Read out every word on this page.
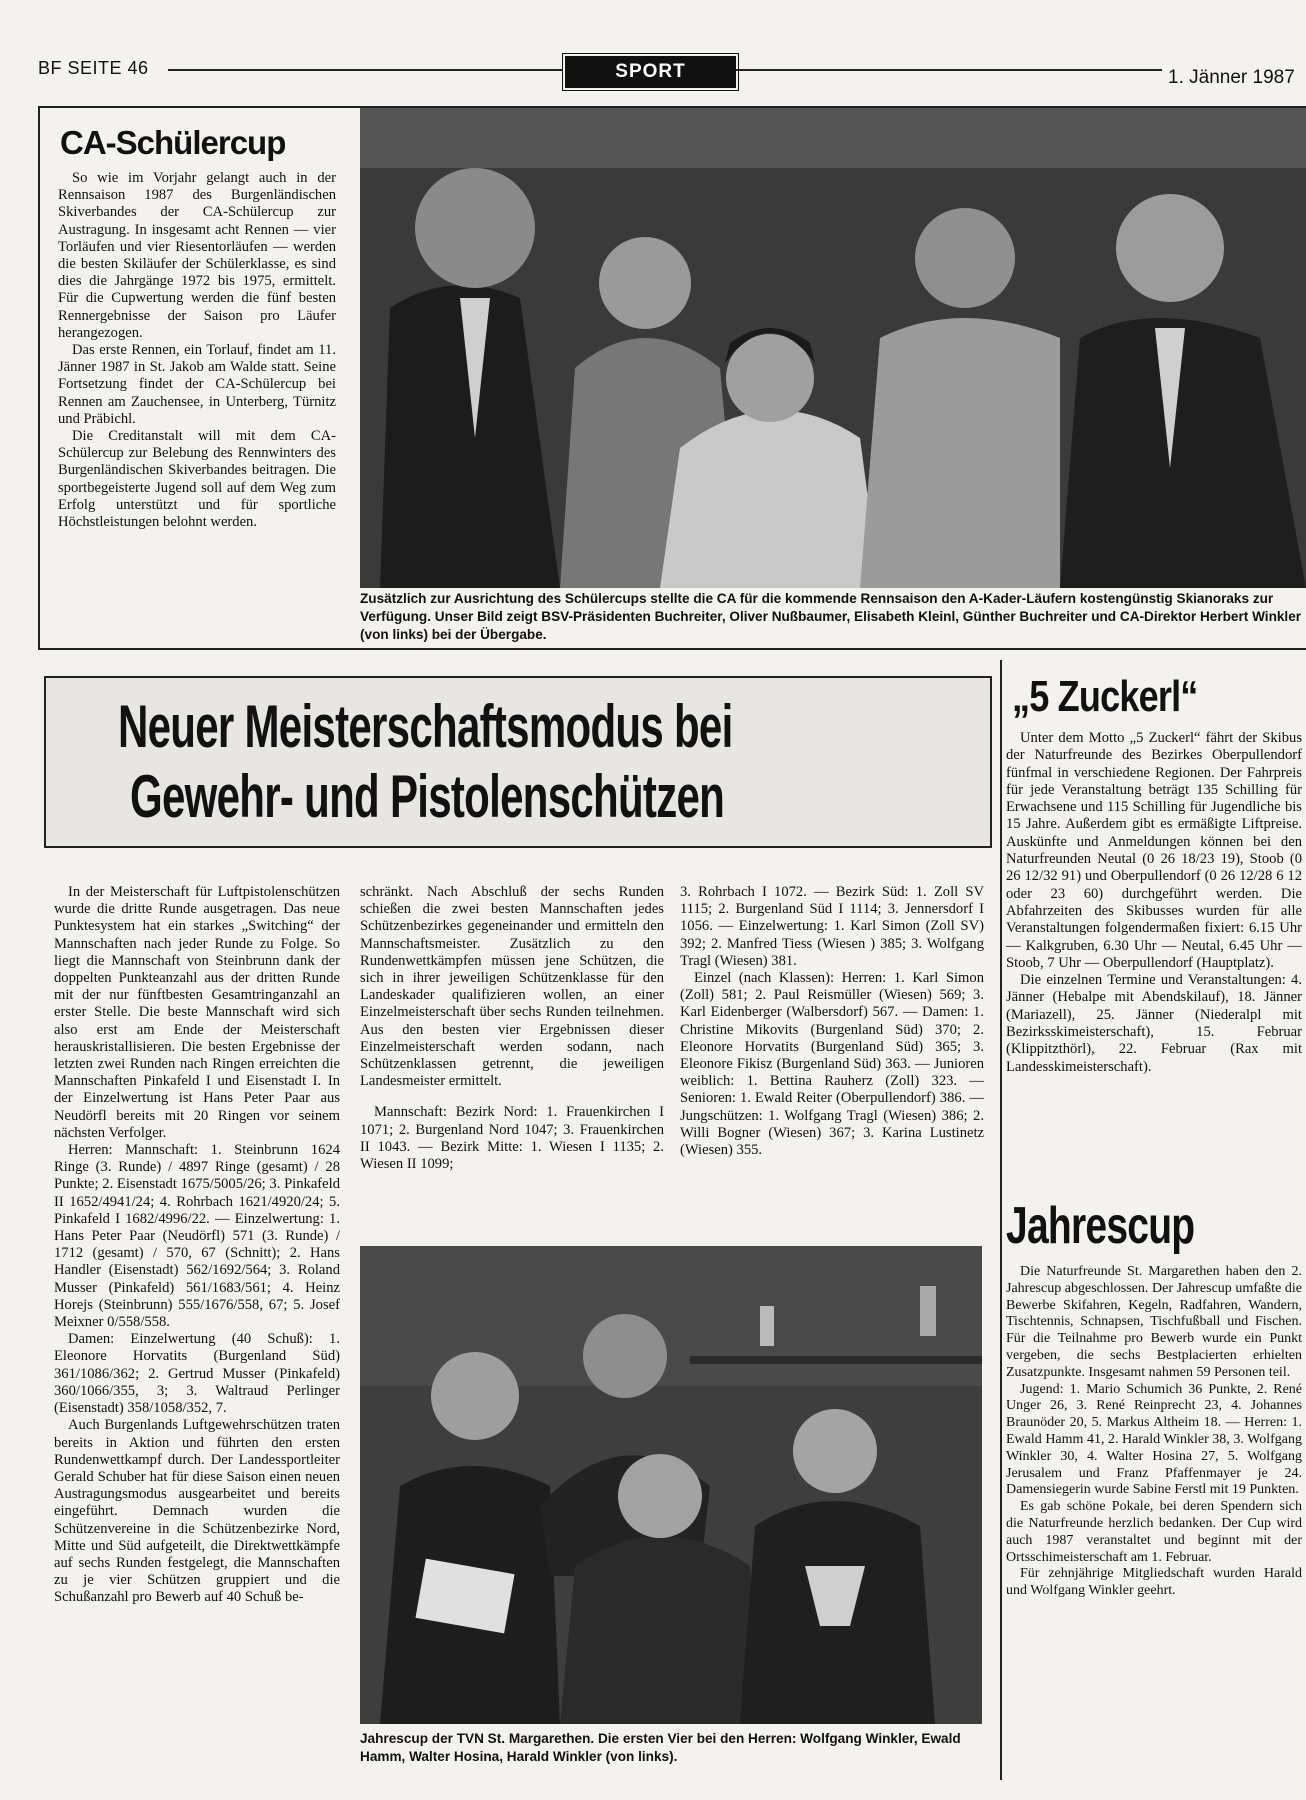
BF SEITE 46	SPORT	1. Jänner 1987
CA-Schülercup

So wie im Vorjahr gelangt auch in der Rennsaison 1987 des Burgenländischen Skiverbandes der CA-Schülercup zur Austragung. In insgesamt acht Rennen — vier Torläufen und vier Riesentorläufen — werden die besten Skiläufer der Schülerklasse, es sind dies die Jahrgänge 1972 bis 1975, ermittelt. Für die Cupwertung werden die fünf besten Rennergebnisse der Saison pro Läufer herangezogen.

Das erste Rennen, ein Torlauf, findet am 11. Jänner 1987 in St. Jakob am Walde statt. Seine Fortsetzung findet der CA-Schülercup bei Rennen am Zauchensee, in Unterberg, Türnitz und Präbichl.

Die Creditanstalt will mit dem CA-Schülercup zur Belebung des Rennwinters des Burgenländischen Skiverbandes beitragen. Die sportbegeisterte Jugend soll auf dem Weg zum Erfolg unterstützt und für sportliche Höchstleistungen belohnt werden.

Zusätzlich zur Ausrichtung des Schülercups stellte die CA für die kommende Rennsaison den A-Kader-Läufern kostengünstig Skianoraks zur Verfügung. Unser Bild zeigt BSV-Präsidenten Buchreiter, Oliver Nußbaumer, Elisabeth Kleinl, Günther Buchreiter und CA-Direktor Herbert Winkler (von links) bei der Übergabe.
Neuer Meisterschaftsmodus bei
Gewehr- und Pistolenschützen

In der Meisterschaft für Luftpistolenschützen wurde die dritte Runde ausgetragen. Das neue Punktesystem hat ein starkes „Switching“ der Mannschaften nach jeder Runde zu Folge. So liegt die Mannschaft von Steinbrunn dank der doppelten Punkteanzahl aus der dritten Runde mit der nur fünftbesten Gesamtringanzahl an erster Stelle. Die beste Mannschaft wird sich also erst am Ende der Meisterschaft herauskristallisieren. Die besten Ergebnisse der letzten zwei Runden nach Ringen erreichten die Mannschaften Pinkafeld I und Eisenstadt I. In der Einzelwertung ist Hans Peter Paar aus Neudörfl bereits mit 20 Ringen vor seinem nächsten Verfolger.

Herren: Mannschaft: 1. Steinbrunn 1624 Ringe (3. Runde) / 4897 Ringe (gesamt) / 28 Punkte; 2. Eisenstadt 1675/5005/26; 3. Pinkafeld II 1652/4941/24; 4. Rohrbach 1621/4920/24; 5. Pinkafeld I 1682/4996/22. — Einzelwertung: 1. Hans Peter Paar (Neudörfl) 571 (3. Runde) / 1712 (gesamt) / 570, 67 (Schnitt); 2. Hans Handler (Eisenstadt) 562/1692/564; 3. Roland Musser (Pinkafeld) 561/1683/561; 4. Heinz Horejs (Steinbrunn) 555/1676/558, 67; 5. Josef Meixner 0/558/558.

Damen: Einzelwertung (40 Schuß): 1. Eleonore Horvatits (Burgenland Süd) 361/1086/362; 2. Gertrud Musser (Pinkafeld) 360/1066/355, 3; 3. Waltraud Perlinger (Eisenstadt) 358/1058/352, 7.

Auch Burgenlands Luftgewehrschützen traten bereits in Aktion und führten den ersten Rundenwettkampf durch. Der Landessportleiter Gerald Schuber hat für diese Saison einen neuen Austragungsmodus ausgearbeitet und bereits eingeführt. Demnach wurden die Schützenvereine in die Schützenbezirke Nord, Mitte und Süd aufgeteilt, die Direktwettkämpfe auf sechs Runden festgelegt, die Mannschaften zu je vier Schützen gruppiert und die Schußanzahl pro Bewerb auf 40 Schuß be-

schränkt. Nach Abschluß der sechs Runden schießen die zwei besten Mannschaften jedes Schützenbezirkes gegeneinander und ermitteln den Mannschaftsmeister. Zusätzlich zu den Rundenwettkämpfen müssen jene Schützen, die sich in ihrer jeweiligen Schützenklasse für den Landeskader qualifizieren wollen, an einer Einzelmeisterschaft über sechs Runden teilnehmen. Aus den besten vier Ergebnissen dieser Einzelmeisterschaft werden sodann, nach Schützenklassen getrennt, die jeweiligen Landesmeister ermittelt.

Mannschaft: Bezirk Nord: 1. Frauenkirchen I 1071; 2. Burgenland Nord 1047; 3. Frauenkirchen II 1043. — Bezirk Mitte: 1. Wiesen I 1135; 2. Wiesen II 1099;

3. Rohrbach I 1072. — Bezirk Süd: 1. Zoll SV 1115; 2. Burgenland Süd I 1114; 3. Jennersdorf I 1056. — Einzelwertung: 1. Karl Simon (Zoll SV) 392; 2. Manfred Tiess (Wiesen ) 385; 3. Wolfgang Tragl (Wiesen) 381.

Einzel (nach Klassen): Herren: 1. Karl Simon (Zoll) 581; 2. Paul Reismüller (Wiesen) 569; 3. Karl Eidenberger (Walbersdorf) 567. — Damen: 1. Christine Mikovits (Burgenland Süd) 370; 2. Eleonore Horvatits (Burgenland Süd) 365; 3. Eleonore Fikisz (Burgenland Süd) 363. — Junioren weiblich: 1. Bettina Rauherz (Zoll) 323. — Senioren: 1. Ewald Reiter (Oberpullendorf) 386. — Jungschützen: 1. Wolfgang Tragl (Wiesen) 386; 2. Willi Bogner (Wiesen) 367; 3. Karina Lustinetz (Wiesen) 355.

Jahrescup der TVN St. Margarethen. Die ersten Vier bei den Herren: Wolfgang Winkler, Ewald Hamm, Walter Hosina, Harald Winkler (von links).
„5 Zuckerl“

Unter dem Motto „5 Zuckerl“ fährt der Skibus der Naturfreunde des Bezirkes Oberpullendorf fünfmal in verschiedene Regionen. Der Fahrpreis für jede Veranstaltung beträgt 135 Schilling für Erwachsene und 115 Schilling für Jugendliche bis 15 Jahre. Außerdem gibt es ermäßigte Liftpreise. Auskünfte und Anmeldungen können bei den Naturfreunden Neutal (0 26 18/23 19), Stoob (0 26 12/32 91) und Oberpullendorf (0 26 12/28 6 12 oder 23 60) durchgeführt werden. Die Abfahrzeiten des Skibusses wurden für alle Veranstaltungen folgendermaßen fixiert: 6.15 Uhr — Kalkgruben, 6.30 Uhr — Neutal, 6.45 Uhr — Stoob, 7 Uhr — Oberpullendorf (Hauptplatz).

Die einzelnen Termine und Veranstaltungen: 4. Jänner (Hebalpe mit Abendskilauf), 18. Jänner (Mariazell), 25. Jänner (Niederalpl mit Bezirksskimeisterschaft), 15. Februar (Klippitzthörl), 22. Februar (Rax mit Landesskimeisterschaft).

Jahrescup

Die Naturfreunde St. Margarethen haben den 2. Jahrescup abgeschlossen. Der Jahrescup umfaßte die Bewerbe Skifahren, Kegeln, Radfahren, Wandern, Tischtennis, Schnapsen, Tischfußball und Fischen. Für die Teilnahme pro Bewerb wurde ein Punkt vergeben, die sechs Bestplacierten erhielten Zusatzpunkte. Insgesamt nahmen 59 Personen teil.

Jugend: 1. Mario Schumich 36 Punkte, 2. René Unger 26, 3. René Reinprecht 23, 4. Johannes Braunöder 20, 5. Markus Altheim 18. — Herren: 1. Ewald Hamm 41, 2. Harald Winkler 38, 3. Wolfgang Winkler 30, 4. Walter Hosina 27, 5. Wolfgang Jerusalem und Franz Pfaffenmayer je 24. Damensiegerin wurde Sabine Ferstl mit 19 Punkten.

Es gab schöne Pokale, bei deren Spendern sich die Naturfreunde herzlich bedanken. Der Cup wird auch 1987 veranstaltet und beginnt mit der Ortsschimeisterschaft am 1. Februar.

Für zehnjährige Mitgliedschaft wurden Harald und Wolfgang Winkler geehrt.
